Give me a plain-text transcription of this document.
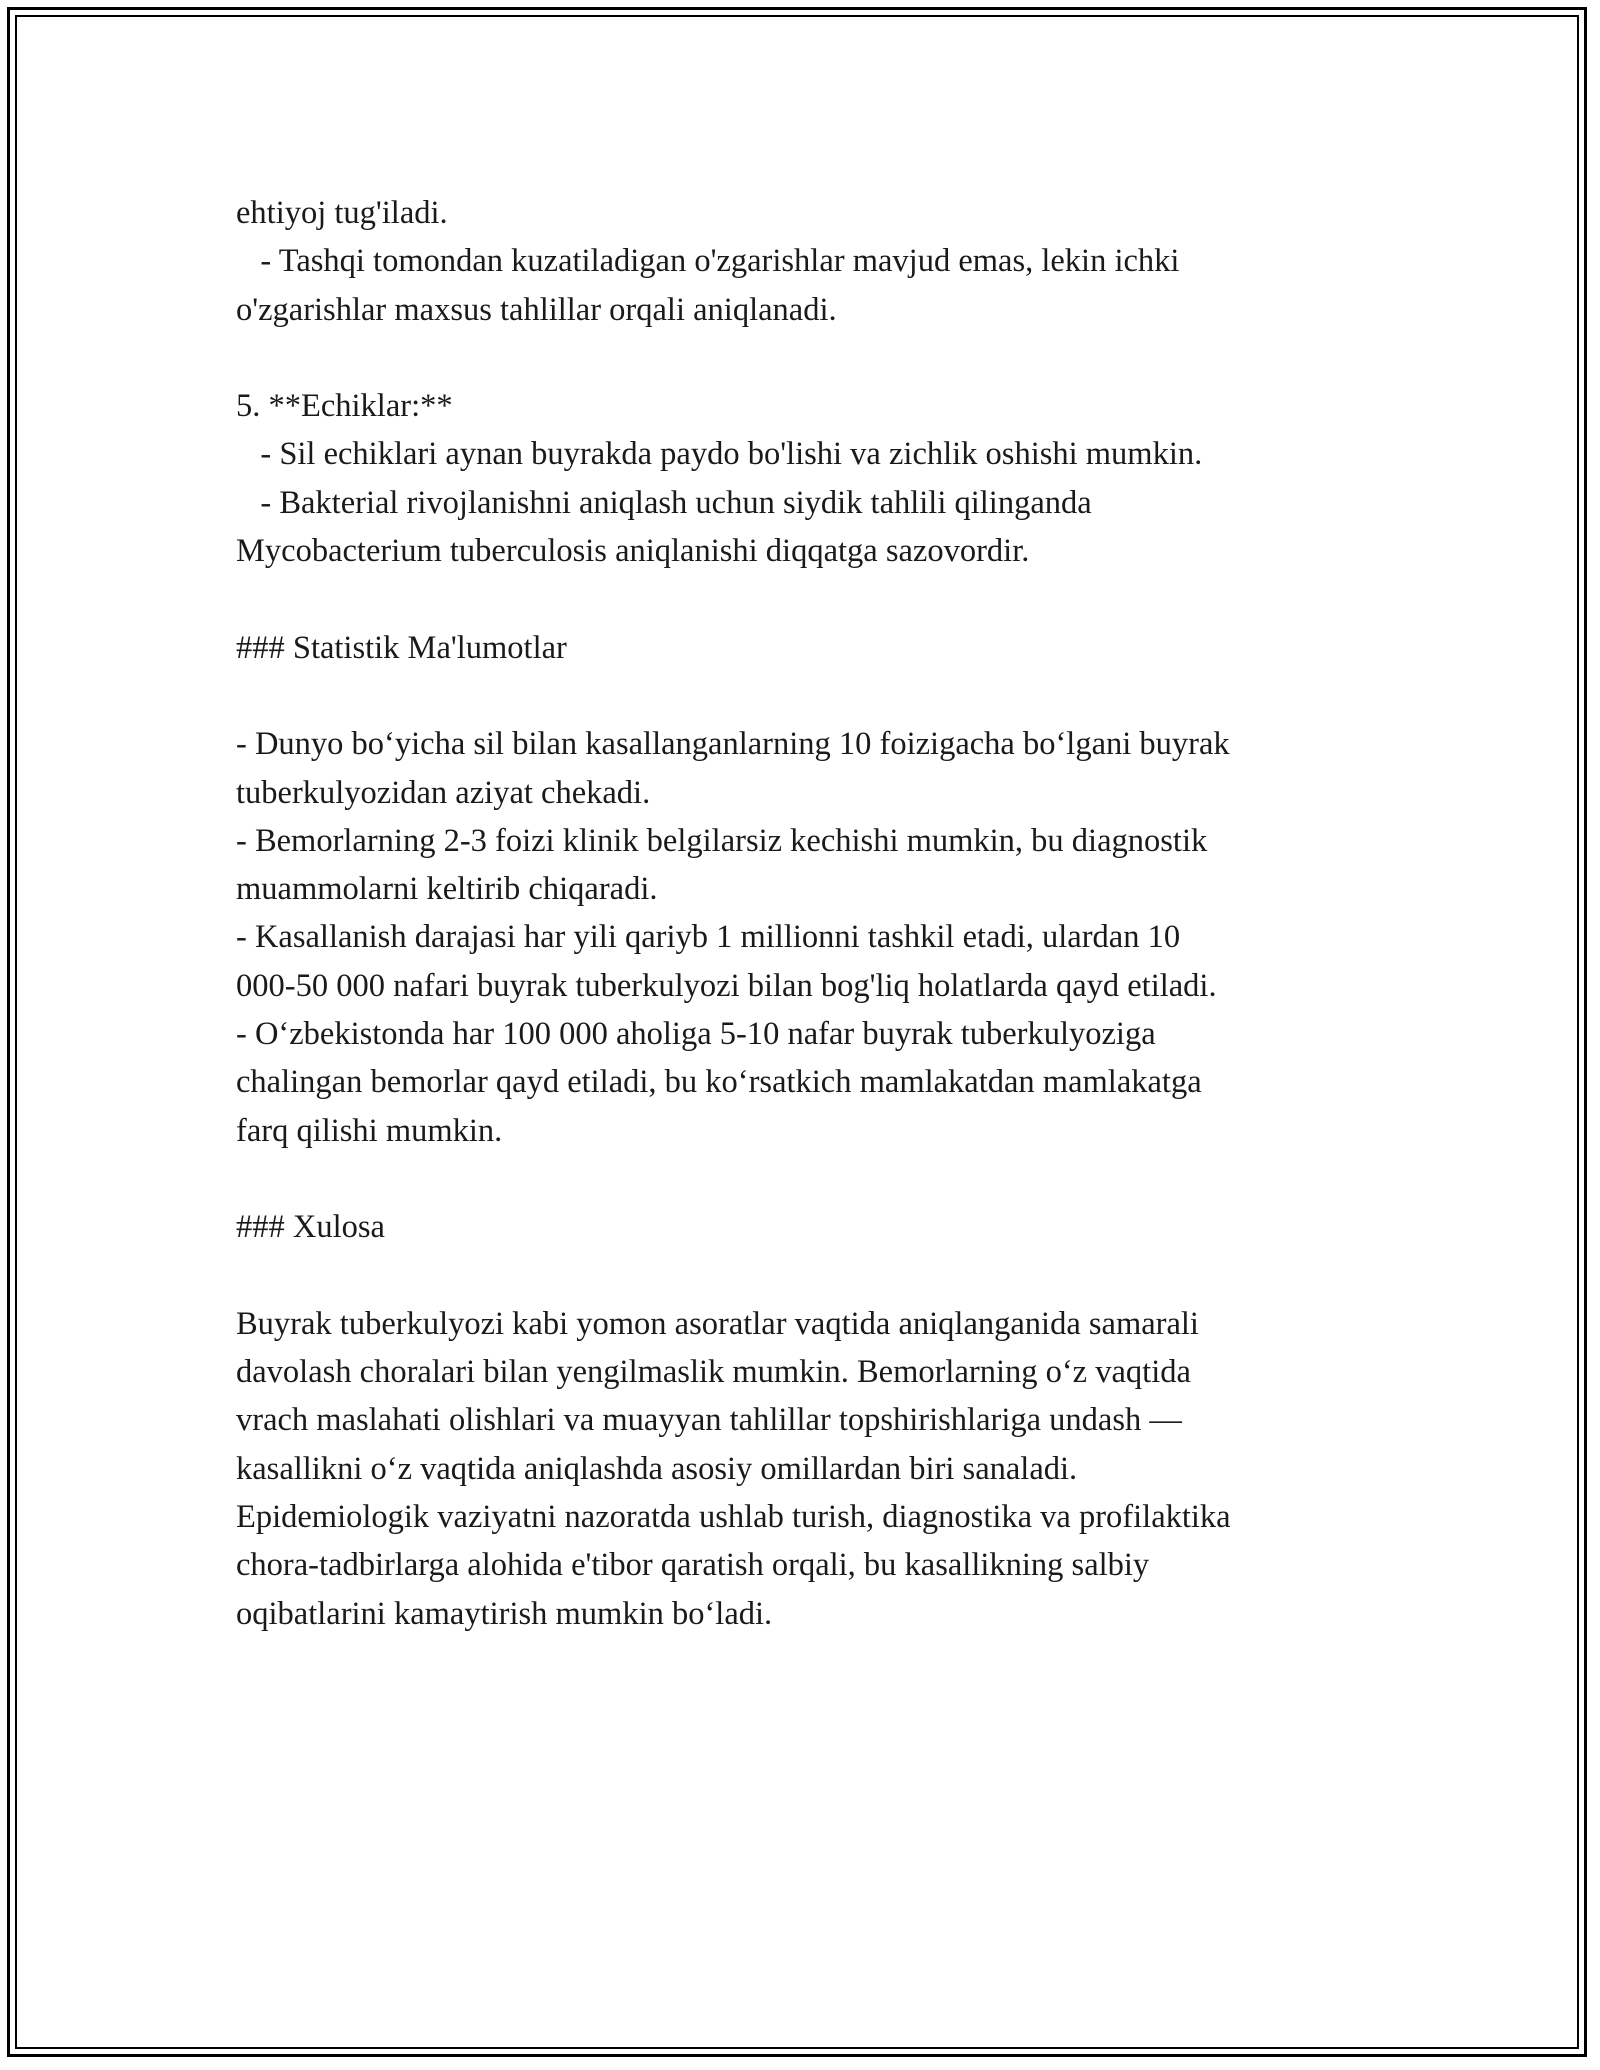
ehtiyoj tug'iladi.
- Tashqi tomondan kuzatiladigan o'zgarishlar mavjud emas, lekin ichki
o'zgarishlar maxsus tahlillar orqali aniqlanadi.
5. **Echiklar:**
- Sil echiklari aynan buyrakda paydo bo'lishi va zichlik oshishi mumkin.
- Bakterial rivojlanishni aniqlash uchun siydik tahlili qilinganda
Mycobacterium tuberculosis aniqlanishi diqqatga sazovordir.
### Statistik Ma'lumotlar
- Dunyo bo‘yicha sil bilan kasallanganlarning 10 foizigacha bo‘lgani buyrak
tuberkulyozidan aziyat chekadi.
- Bemorlarning 2-3 foizi klinik belgilarsiz kechishi mumkin, bu diagnostik
muammolarni keltirib chiqaradi.
- Kasallanish darajasi har yili qariyb 1 millionni tashkil etadi, ulardan 10
000-50 000 nafari buyrak tuberkulyozi bilan bog'liq holatlarda qayd etiladi.
- O‘zbekistonda har 100 000 aholiga 5-10 nafar buyrak tuberkulyoziga
chalingan bemorlar qayd etiladi, bu ko‘rsatkich mamlakatdan mamlakatga
farq qilishi mumkin.
### Xulosa
Buyrak tuberkulyozi kabi yomon asoratlar vaqtida aniqlanganida samarali
davolash choralari bilan yengilmaslik mumkin. Bemorlarning o‘z vaqtida
vrach maslahati olishlari va muayyan tahlillar topshirishlariga undash —
kasallikni o‘z vaqtida aniqlashda asosiy omillardan biri sanaladi.
Epidemiologik vaziyatni nazoratda ushlab turish, diagnostika va profilaktika
chora-tadbirlarga alohida e'tibor qaratish orqali, bu kasallikning salbiy
oqibatlarini kamaytirish mumkin bo‘ladi.
